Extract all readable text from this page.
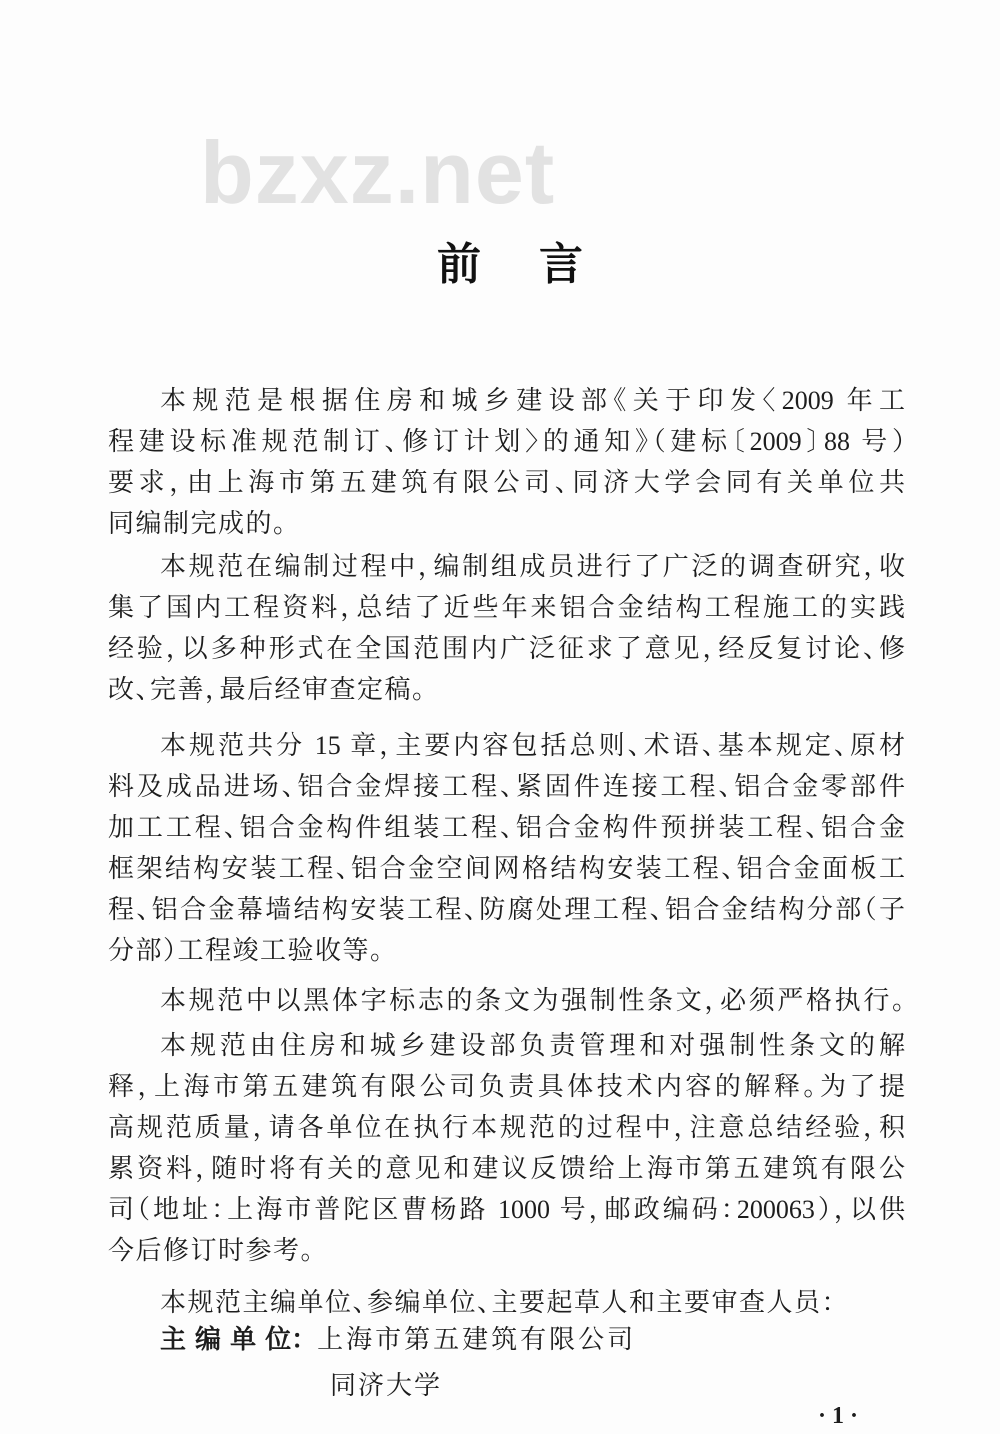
bzxz.net
前　言
本规范是根据住房和城乡建设部《关于印发〈2009 年工
程建设标准规范制订、修订计划〉的通知》（建标〔2009〕88 号）
要求，由上海市第五建筑有限公司、同济大学会同有关单位共
同编制完成的。
本规范在编制过程中，编制组成员进行了广泛的调查研究，收
集了国内工程资料，总结了近些年来铝合金结构工程施工的实践
经验，以多种形式在全国范围内广泛征求了意见，经反复讨论、修
改、完善，最后经审查定稿。
本规范共分 15 章，主要内容包括总则、术语、基本规定、原材
料及成品进场、铝合金焊接工程、紧固件连接工程、铝合金零部件
加工工程、铝合金构件组装工程、铝合金构件预拼装工程、铝合金
框架结构安装工程、铝合金空间网格结构安装工程、铝合金面板工
程、铝合金幕墙结构安装工程、防腐处理工程、铝合金结构分部（子
分部）工程竣工验收等。
本规范中以黑体字标志的条文为强制性条文，必须严格执行。
本规范由住房和城乡建设部负责管理和对强制性条文的解
释，上海市第五建筑有限公司负责具体技术内容的解释。为了提
高规范质量，请各单位在执行本规范的过程中，注意总结经验，积
累资料，随时将有关的意见和建议反馈给上海市第五建筑有限公
司（地址：上海市普陀区曹杨路 1000 号，邮政编码：200063），以供
今后修订时参考。
本规范主编单位、参编单位、主要起草人和主要审查人员：
主 编 单 位：上海市第五建筑有限公司
同济大学
· 1 ·
